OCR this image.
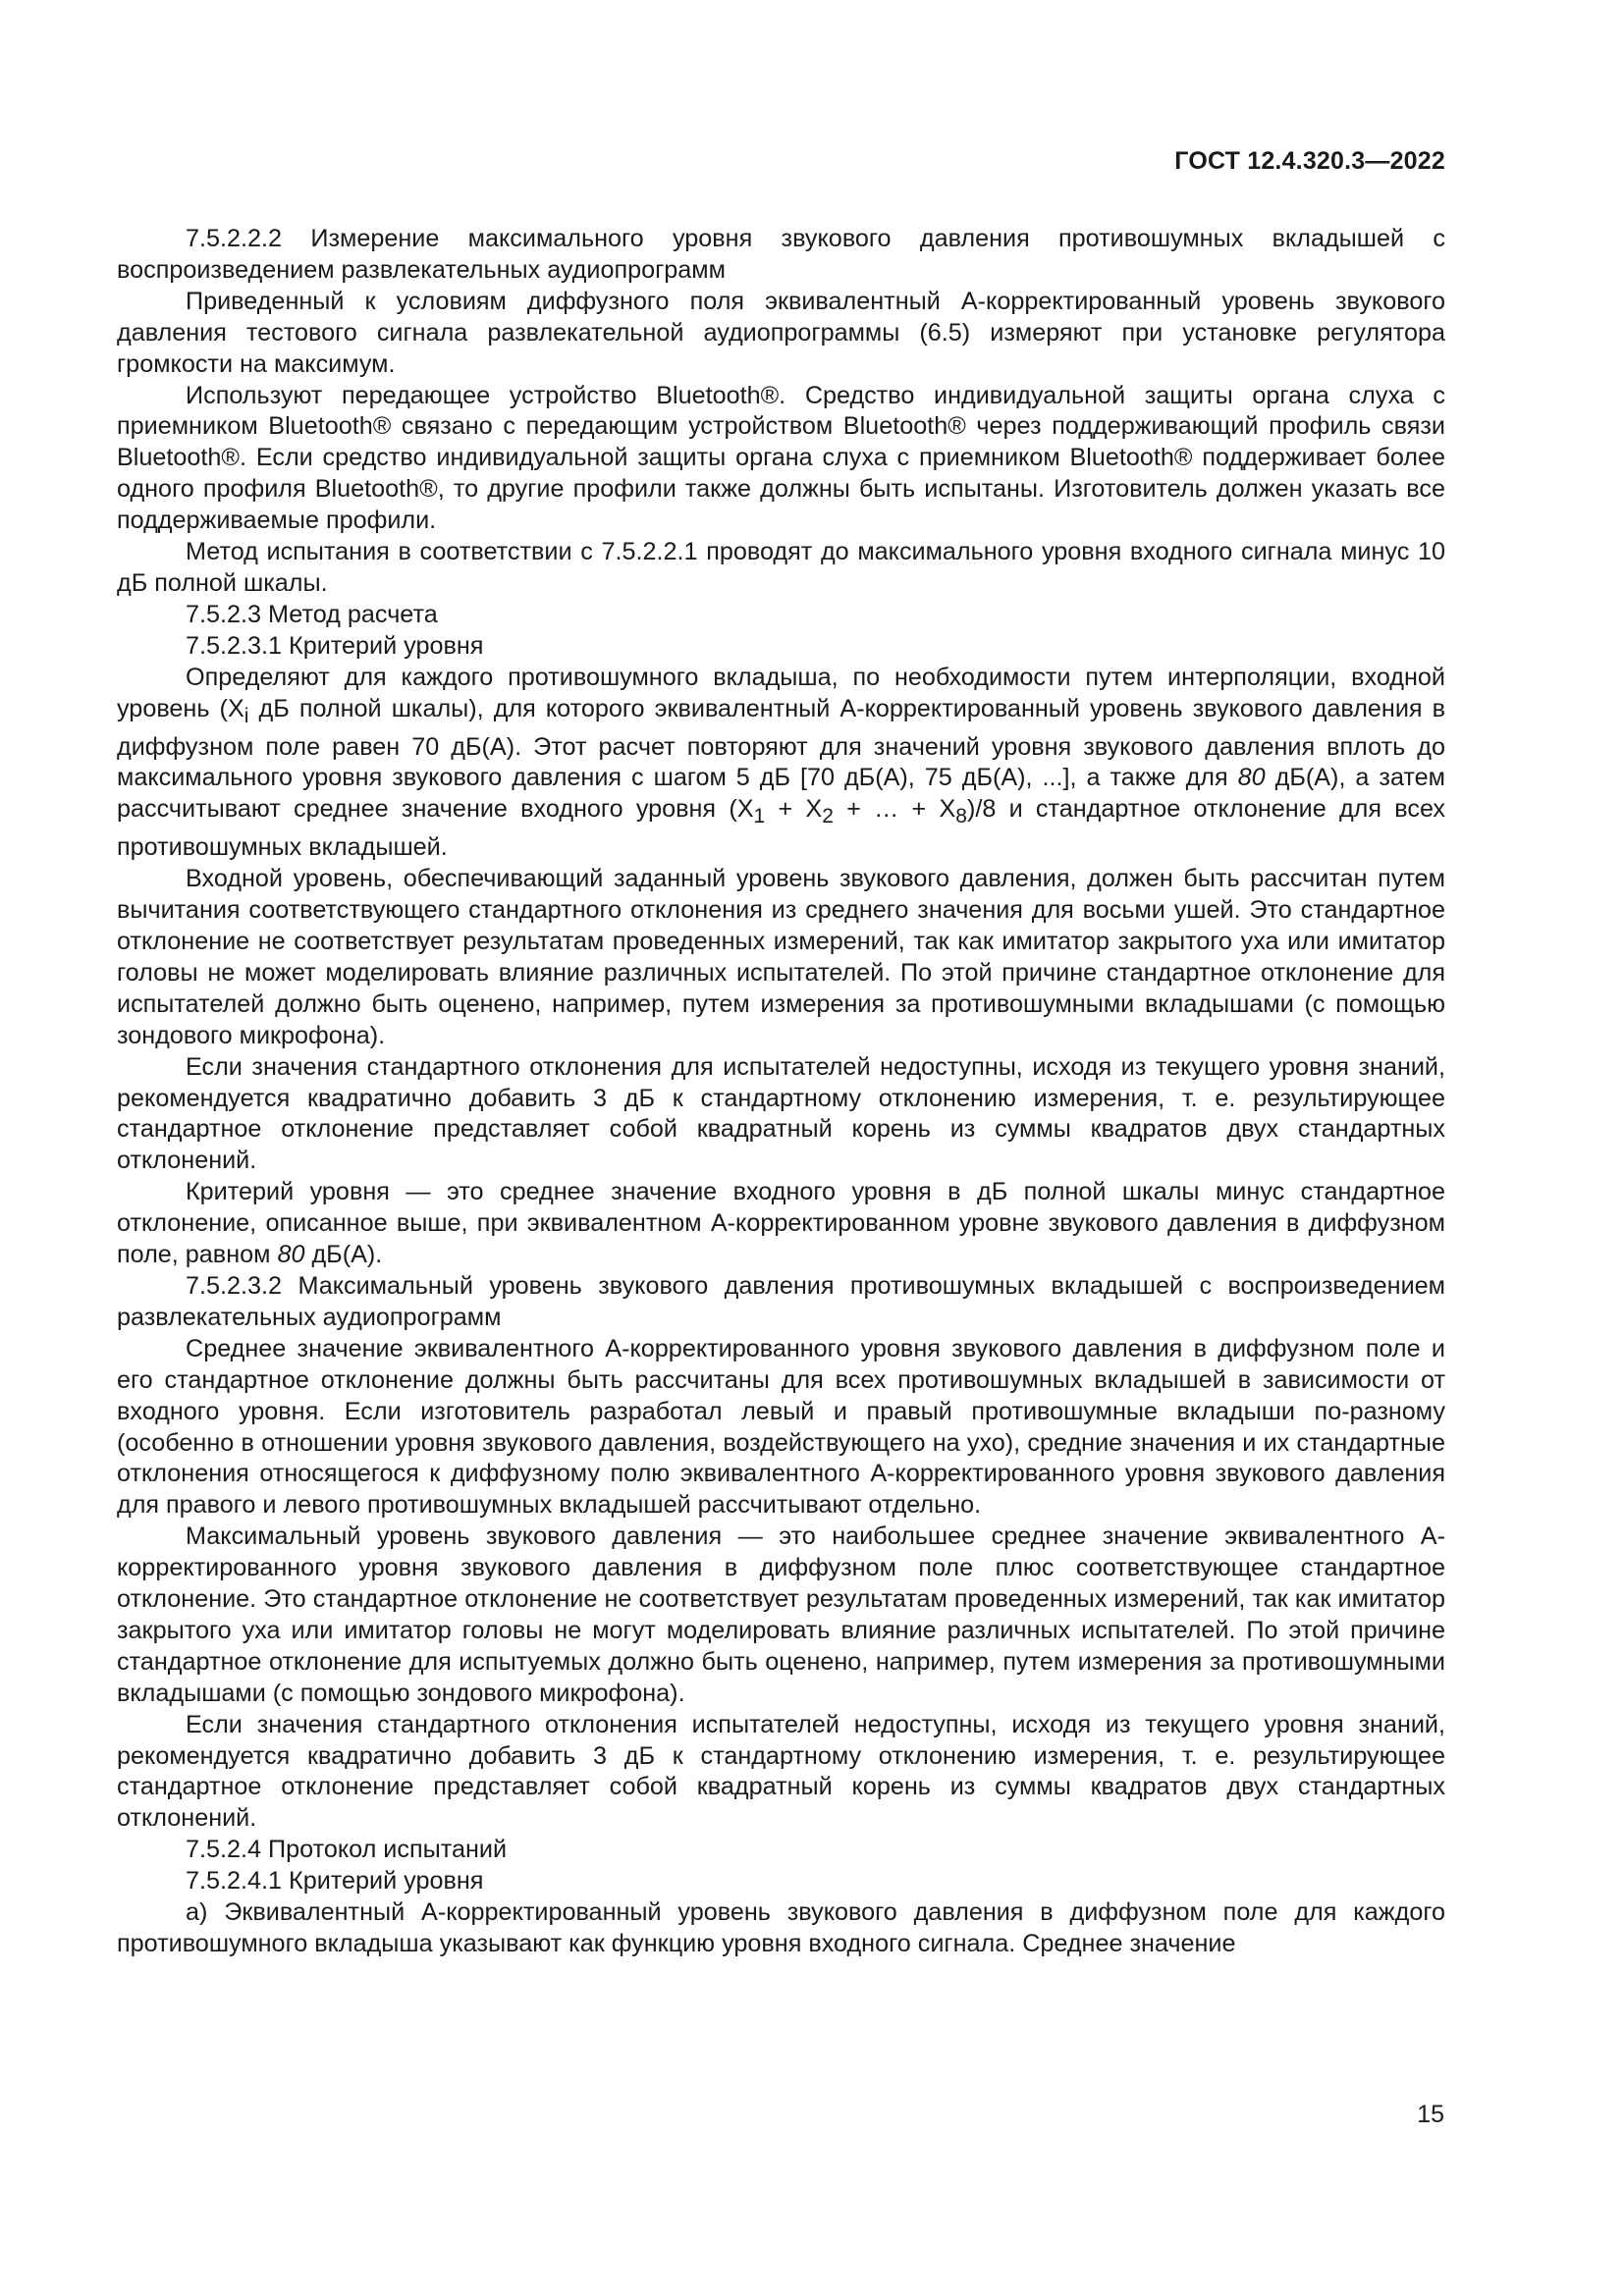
ГОСТ 12.4.320.3—2022

7.5.2.2.2 Измерение максимального уровня звукового давления противошумных вкладышей с воспроизведением развлекательных аудиопрограмм

Приведенный к условиям диффузного поля эквивалентный А-корректированный уровень звукового давления тестового сигнала развлекательной аудиопрограммы (6.5) измеряют при установке регулятора громкости на максимум.

Используют передающее устройство Bluetooth®. Средство индивидуальной защиты органа слуха с приемником Bluetooth® связано с передающим устройством Bluetooth® через поддерживающий профиль связи Bluetooth®. Если средство индивидуальной защиты органа слуха с приемником Bluetooth® поддерживает более одного профиля Bluetooth®, то другие профили также должны быть испытаны. Изготовитель должен указать все поддерживаемые профили.

Метод испытания в соответствии с 7.5.2.2.1 проводят до максимального уровня входного сигнала минус 10 дБ полной шкалы.

7.5.2.3 Метод расчета

7.5.2.3.1 Критерий уровня

Определяют для каждого противошумного вкладыша, по необходимости путем интерполяции, входной уровень ($X_i$ дБ полной шкалы), для которого эквивалентный А-корректированный уровень звукового давления в диффузном поле равен 70 дБ(А). Этот расчет повторяют для значений уровня звукового давления вплоть до максимального уровня звукового давления с шагом 5 дБ [70 дБ(А), 75 дБ(А), ...], а также для 80 дБ(А), а затем рассчитывают среднее значение входного уровня ($X_1 + X_2$ + … + $X_8)/8$ и стандартное отклонение для всех противошумных вкладышей.

Входной уровень, обеспечивающий заданный уровень звукового давления, должен быть рассчитан путем вычитания соответствующего стандартного отклонения из среднего значения для восьми ушей. Это стандартное отклонение не соответствует результатам проведенных измерений, так как имитатор закрытого уха или имитатор головы не может моделировать влияние различных испытателей. По этой причине стандартное отклонение для испытателей должно быть оценено, например, путем измерения за противошумными вкладышами (с помощью зондового микрофона).

Если значения стандартного отклонения для испытателей недоступны, исходя из текущего уровня знаний, рекомендуется квадратично добавить 3 дБ к стандартному отклонению измерения, т. е. результирующее стандартное отклонение представляет собой квадратный корень из суммы квадратов двух стандартных отклонений.

Критерий уровня — это среднее значение входного уровня в дБ полной шкалы минус стандартное отклонение, описанное выше, при эквивалентном А-корректированном уровне звукового давления в диффузном поле, равном 80 дБ(А).

7.5.2.3.2 Максимальный уровень звукового давления противошумных вкладышей с воспроизведением развлекательных аудиопрограмм

Среднее значение эквивалентного А-корректированного уровня звукового давления в диффузном поле и его стандартное отклонение должны быть рассчитаны для всех противошумных вкладышей в зависимости от входного уровня. Если изготовитель разработал левый и правый противошумные вкладыши по-разному (особенно в отношении уровня звукового давления, воздействующего на ухо), средние значения и их стандартные отклонения относящегося к диффузному полю эквивалентного А-корректированного уровня звукового давления для правого и левого противошумных вкладышей рассчитывают отдельно.

Максимальный уровень звукового давления — это наибольшее среднее значение эквивалентного А-корректированного уровня звукового давления в диффузном поле плюс соответствующее стандартное отклонение. Это стандартное отклонение не соответствует результатам проведенных измерений, так как имитатор закрытого уха или имитатор головы не могут моделировать влияние различных испытателей. По этой причине стандартное отклонение для испытуемых должно быть оценено, например, путем измерения за противошумными вкладышами (с помощью зондового микрофона).

Если значения стандартного отклонения испытателей недоступны, исходя из текущего уровня знаний, рекомендуется квадратично добавить 3 дБ к стандартному отклонению измерения, т. е. результирующее стандартное отклонение представляет собой квадратный корень из суммы квадратов двух стандартных отклонений.

7.5.2.4 Протокол испытаний

7.5.2.4.1 Критерий уровня

а) Эквивалентный А-корректированный уровень звукового давления в диффузном поле для каждого противошумного вкладыша указывают как функцию уровня входного сигнала. Среднее значение

15
